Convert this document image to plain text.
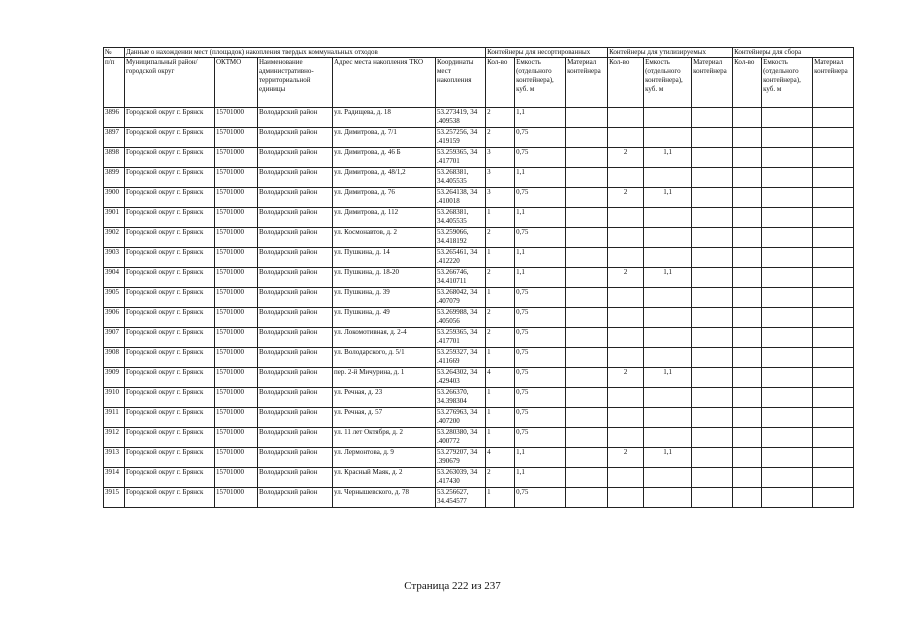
№	Данные о нахождении мест (площадок) накопления твердых коммунальных отходов					Контейнеры для несортированных			Контейнеры для утилизируемых			Контейнеры для сбора		
п/п	Муниципальный район/городской округ	ОКТМО	Наименование административно-территориальной единицы	Адрес места накопления ТКО	Координаты мест накопления	Кол-во	Емкость (отдельного контейнера), куб. м	Материал контейнера	Кол-во	Емкость (отдельного контейнера), куб. м	Материал контейнера	Кол-во	Емкость (отдельного контейнера), куб. м	Материал контейнера
3896	Городской округ г. Брянск	15701000	Володарский район	ул. Радищева, д. 18	53.273419, 34 .409538	2	1,1							
3897	Городской округ г. Брянск	15701000	Володарский район	ул. Димитрова, д. 7/1	53.257256, 34 .419159	2	0,75							
3898	Городской округ г. Брянск	15701000	Володарский район	ул. Димитрова, д. 46 Б	53.259365, 34 .417701	3	0,75		2	1,1				
3899	Городской округ г. Брянск	15701000	Володарский район	ул. Димитрова, д. 48/1,2	53.268381, 34.405535	3	1,1							
3900	Городской округ г. Брянск	15701000	Володарский район	ул. Димитрова, д. 76	53.264138, 34 .410018	3	0,75		2	1,1				
3901	Городской округ г. Брянск	15701000	Володарский район	ул. Димитрова, д. 112	53.268381, 34.405535	1	1,1							
3902	Городской округ г. Брянск	15701000	Володарский район	ул. Космонавтов, д. 2	53.259066, 34.418192	2	0,75							
3903	Городской округ г. Брянск	15701000	Володарский район	ул. Пушкина, д. 14	53.265461, 34 .412220	1	1,1							
3904	Городской округ г. Брянск	15701000	Володарский район	ул. Пушкина, д. 18-20	53.266746, 34.410711	2	1,1		2	1,1				
3905	Городской округ г. Брянск	15701000	Володарский район	ул. Пушкина, д. 39	53.268042, 34 .407079	1	0,75							
3906	Городской округ г. Брянск	15701000	Володарский район	ул. Пушкина, д. 49	53.269988, 34 .405056	2	0,75							
3907	Городской округ г. Брянск	15701000	Володарский район	ул. Локомотивная, д. 2-4	53.259365, 34 .417701	2	0,75							
3908	Городской округ г. Брянск	15701000	Володарский район	ул. Володарского, д. 5/1	53.259327, 34 .411669	1	0,75							
3909	Городской округ г. Брянск	15701000	Володарский район	пер. 2-й Мичурина, д. 1	53.264302, 34 .429403	4	0,75		2	1,1				
3910	Городской округ г. Брянск	15701000	Володарский район	ул. Речная, д. 23	53.266370, 34.398304	1	0,75							
3911	Городской округ г. Брянск	15701000	Володарский район	ул. Речная, д. 57	53.276963, 34 .407200	1	0,75							
3912	Городской округ г. Брянск	15701000	Володарский район	ул. 11 лет Октября, д. 2	53.280380, 34 .400772	1	0,75							
3913	Городской округ г. Брянск	15701000	Володарский район	ул. Лермонтова, д. 9	53.279207, 34 .390679	4	1,1		2	1,1				
3914	Городской округ г. Брянск	15701000	Володарский район	ул. Красный Маяк, д. 2	53.263039, 34 .417430	2	1,1							
3915	Городской округ г. Брянск	15701000	Володарский район	ул. Чернышевского, д. 78	53.256627, 34.454577	1	0,75							
Страница 222 из 237
